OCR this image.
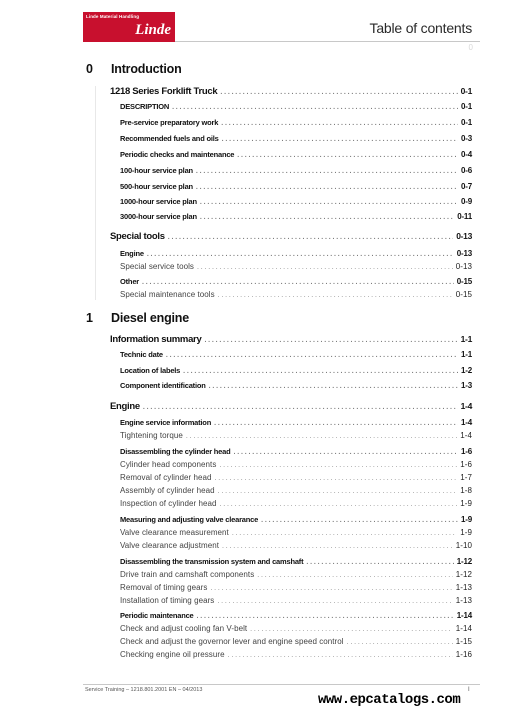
Linde Material Handling
Linde	Table of contents
0
0	Introduction
1218 Series Forklift Truck .....	0-1
DESCRIPTION .....	0-1
Pre-service preparatory work .....	0-1
Recommended fuels and oils .....	0-3
Periodic checks and maintenance .....	0-4
100-hour service plan .....	0-6
500-hour service plan .....	0-7
1000-hour service plan .....	0-9
3000-hour service plan .....	0-11
Special tools .....	0-13
Engine .....	0-13
Special service tools .....	0-13
Other .....	0-15
Special maintenance tools .....	0-15
1	Diesel engine
Information summary .....	1-1
Technic date .....	1-1
Location of labels .....	1-2
Component identification .....	1-3
Engine .....	1-4
Engine service information .....	1-4
Tightening torque .....	1-4
Disassembling the cylinder head .....	1-6
Cylinder head components .....	1-6
Removal of cylinder head .....	1-7
Assembly of cylinder head .....	1-8
Inspection of cylinder head .....	1-9
Measuring and adjusting valve clearance .....	1-9
Valve clearance measurement .....	1-9
Valve clearance adjustment .....	1-10
Disassembling the transmission system and camshaft .....	1-12
Drive train and camshaft components .....	1-12
Removal of timing gears .....	1-13
Installation of timing gears .....	1-13
Periodic maintenance .....	1-14
Check and adjust cooling fan V-belt .....	1-14
Check and adjust the governor lever and engine speed control .....	1-15
Checking engine oil pressure .....	1-16
Service Training – 1218.801.2001 EN – 04/2013	I
www.epcatalogs.com
